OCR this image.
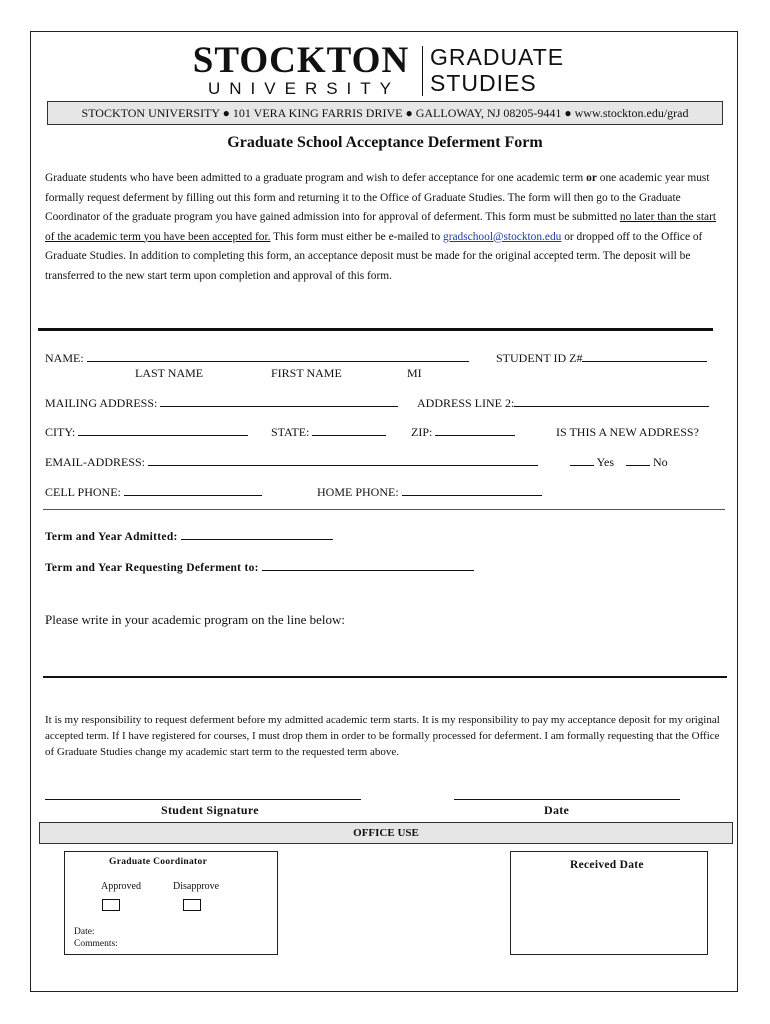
STOCKTON
UNIVERSITY
GRADUATE
STUDIES
STOCKTON UNIVERSITY ● 101 VERA KING FARRIS DRIVE ● GALLOWAY, NJ 08205-9441 ● www.stockton.edu/grad
Graduate School Acceptance Deferment Form
Graduate students who have been admitted to a graduate program and wish to defer acceptance for one academic term or one academic year must formally request deferment by filling out this form and returning it to the Office of Graduate Studies. The form will then go to the Graduate Coordinator of the graduate program you have gained admission into for approval of deferment. This form must be submitted no later than the start of the academic term you have been accepted for. This form must either be e-mailed to gradschool@stockton.edu or dropped off to the Office of Graduate Studies. In addition to completing this form, an acceptance deposit must be made for the original accepted term. The deposit will be transferred to the new start term upon completion and approval of this form.
NAME:	STUDENT ID Z#
LAST NAME	FIRST NAME	MI
MAILING ADDRESS:	ADDRESS LINE 2:
CITY:	STATE:	ZIP:	IS THIS A NEW ADDRESS?
EMAIL-ADDRESS:	Yes	No
CELL PHONE:	HOME PHONE:
Term and Year Admitted:
Term and Year Requesting Deferment to:
Please write in your academic program on the line below:
It is my responsibility to request deferment before my admitted academic term starts. It is my responsibility to pay my acceptance deposit for my original accepted term. If I have registered for courses, I must drop them in order to be formally processed for deferment. I am formally requesting that the Office of Graduate Studies change my academic start term to the requested term above.
Student Signature	Date
OFFICE USE
Graduate Coordinator
Approved	Disapprove
Date:
Comments:
Received Date
